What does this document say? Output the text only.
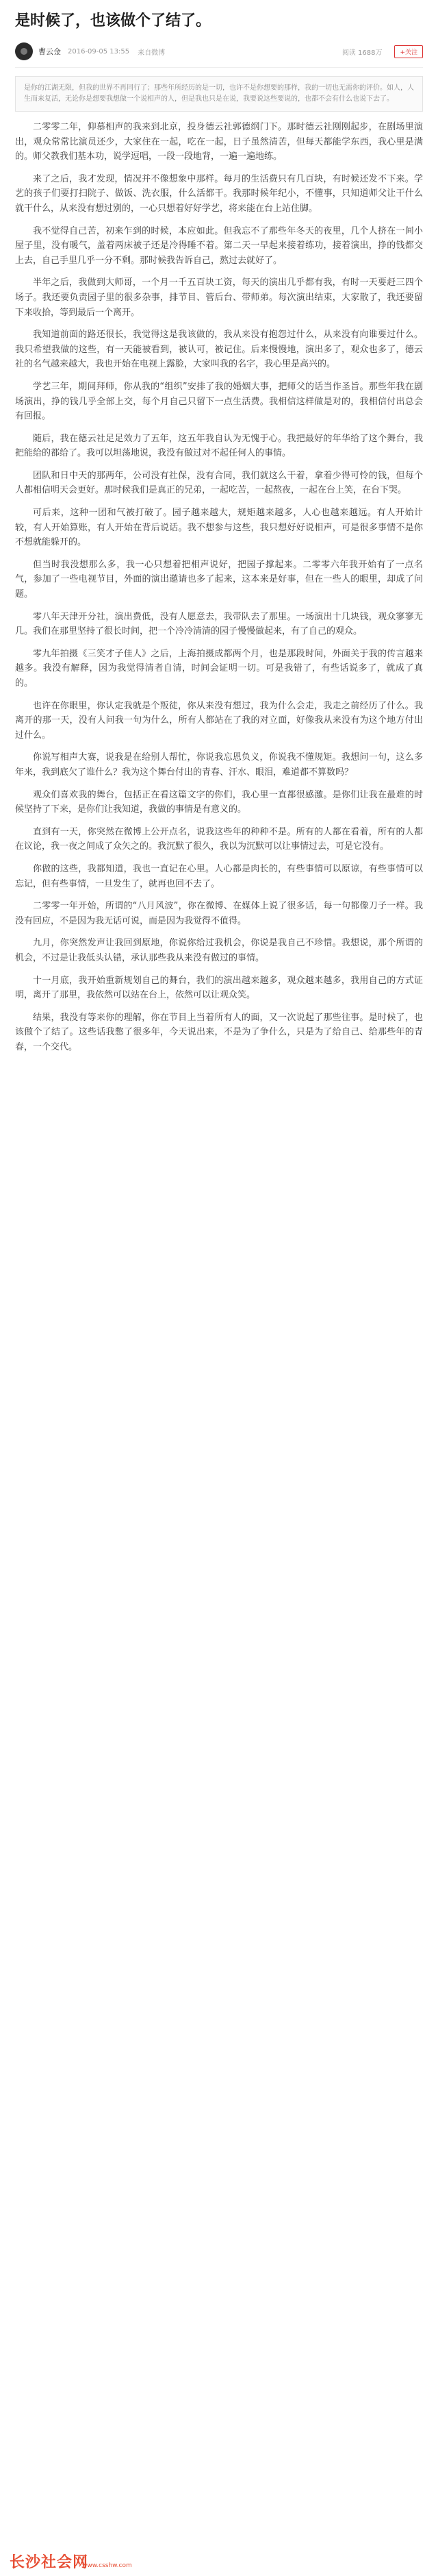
是时候了，也该做个了结了。
曹云金 2016-09-05 13:55 来自微博	阅读 1688万	+关注
是你的江湖无限，但我的世界不再同行了；那些年所经历的是一切，也许不是你想要的那样，我的一切也无需你的评价。如人，人生而来复活，无论你是想要我想做一个说相声的人，但是我也只是在说，我要说这些要说的，也都不会有什么也说下去了。

二零零二年，仰慕相声的我来到北京，投身德云社郭德纲门下。那时德云社刚刚起步，在剧场里演出，观众常常比演员还少，大家住在一起，吃在一起，日子虽然清苦，但每天都能学东西，我心里是满的。师父教我们基本功，说学逗唱，一段一段地背，一遍一遍地练。

来了之后，我才发现，情况并不像想象中那样。每月的生活费只有几百块，有时候还发不下来。学艺的孩子们要打扫院子、做饭、洗衣服，什么活都干。我那时候年纪小，不懂事，只知道师父让干什么就干什么，从来没有想过别的，一心只想着好好学艺，将来能在台上站住脚。

我不觉得自己苦，初来乍到的时候，本应如此。但我忘不了那些年冬天的夜里，几个人挤在一间小屋子里，没有暖气，盖着两床被子还是冷得睡不着。第二天一早起来接着练功，接着演出，挣的钱都交上去，自己手里几乎一分不剩。那时候我告诉自己，熬过去就好了。

半年之后，我做到大师哥，一个月一千五百块工资，每天的演出几乎都有我，有时一天要赶三四个场子。我还要负责园子里的很多杂事，排节目、管后台、带师弟。每次演出结束，大家散了，我还要留下来收拾，等到最后一个离开。

我知道前面的路还很长，我觉得这是我该做的，我从来没有抱怨过什么，从来没有向谁要过什么。我只希望我做的这些，有一天能被看到，被认可，被记住。后来慢慢地，演出多了，观众也多了，德云社的名气越来越大，我也开始在电视上露脸，大家叫我的名字，我心里是高兴的。

学艺三年，期间拜师，你从我的“组织”安排了我的婚姻大事，把师父的话当作圣旨。那些年我在剧场演出，挣的钱几乎全部上交，每个月自己只留下一点生活费。我相信这样做是对的，我相信付出总会有回报。

随后，我在德云社足足效力了五年，这五年我自认为无愧于心。我把最好的年华给了这个舞台，我把能给的都给了。我可以坦荡地说，我没有做过对不起任何人的事情。

团队和日中天的那两年，公司没有社保，没有合同，我们就这么干着，拿着少得可怜的钱，但每个人都相信明天会更好。那时候我们是真正的兄弟，一起吃苦，一起熬夜，一起在台上笑，在台下哭。

可后来，这种一团和气被打破了。园子越来越大，规矩越来越多，人心也越来越远。有人开始计较，有人开始算账，有人开始在背后说话。我不想参与这些，我只想好好说相声，可是很多事情不是你不想就能躲开的。

但当时我没想那么多，我一心只想着把相声说好，把园子撑起来。二零零六年我开始有了一点名气，参加了一些电视节目，外面的演出邀请也多了起来，这本来是好事，但在一些人的眼里，却成了问题。

零八年天津开分社，演出费低，没有人愿意去，我带队去了那里。一场演出十几块钱，观众寥寥无几。我们在那里坚持了很长时间，把一个冷冷清清的园子慢慢做起来，有了自己的观众。

零九年拍摄《三笑才子佳人》之后，上海拍摄成都两个月，也是那段时间，外面关于我的传言越来越多。我没有解释，因为我觉得清者自清，时间会证明一切。可是我错了，有些话说多了，就成了真的。

也许在你眼里，你认定我就是个叛徒，你从来没有想过，我为什么会走，我走之前经历了什么。我离开的那一天，没有人问我一句为什么，所有人都站在了我的对立面，好像我从来没有为这个地方付出过什么。

你说写相声大赛，说我是在给别人帮忙，你说我忘恩负义，你说我不懂规矩。我想问一句，这么多年来，我到底欠了谁什么？我为这个舞台付出的青春、汗水、眼泪，难道都不算数吗？

观众们喜欢我的舞台，包括正在看这篇文字的你们，我心里一直都很感激。是你们让我在最难的时候坚持了下来，是你们让我知道，我做的事情是有意义的。

直到有一天，你突然在微博上公开点名，说我这些年的种种不是。所有的人都在看着，所有的人都在议论，我一夜之间成了众矢之的。我沉默了很久，我以为沉默可以让事情过去，可是它没有。

你做的这些，我都知道，我也一直记在心里。人心都是肉长的，有些事情可以原谅，有些事情可以忘记，但有些事情，一旦发生了，就再也回不去了。

二零零一年开始，所谓的“八月风波”，你在微博、在媒体上说了很多话，每一句都像刀子一样。我没有回应，不是因为我无话可说，而是因为我觉得不值得。

九月，你突然发声让我回到原地，你说你给过我机会，你说是我自己不珍惜。我想说，那个所谓的机会，不过是让我低头认错，承认那些我从来没有做过的事情。

十一月底，我开始重新规划自己的舞台，我们的演出越来越多，观众越来越多，我用自己的方式证明，离开了那里，我依然可以站在台上，依然可以让观众笑。

结果，我没有等来你的理解，你在节目上当着所有人的面，又一次说起了那些往事。是时候了，也该做个了结了。这些话我憋了很多年，今天说出来，不是为了争什么，只是为了给自己、给那些年的青春，一个交代。

长沙社会网
www.csshw.com
